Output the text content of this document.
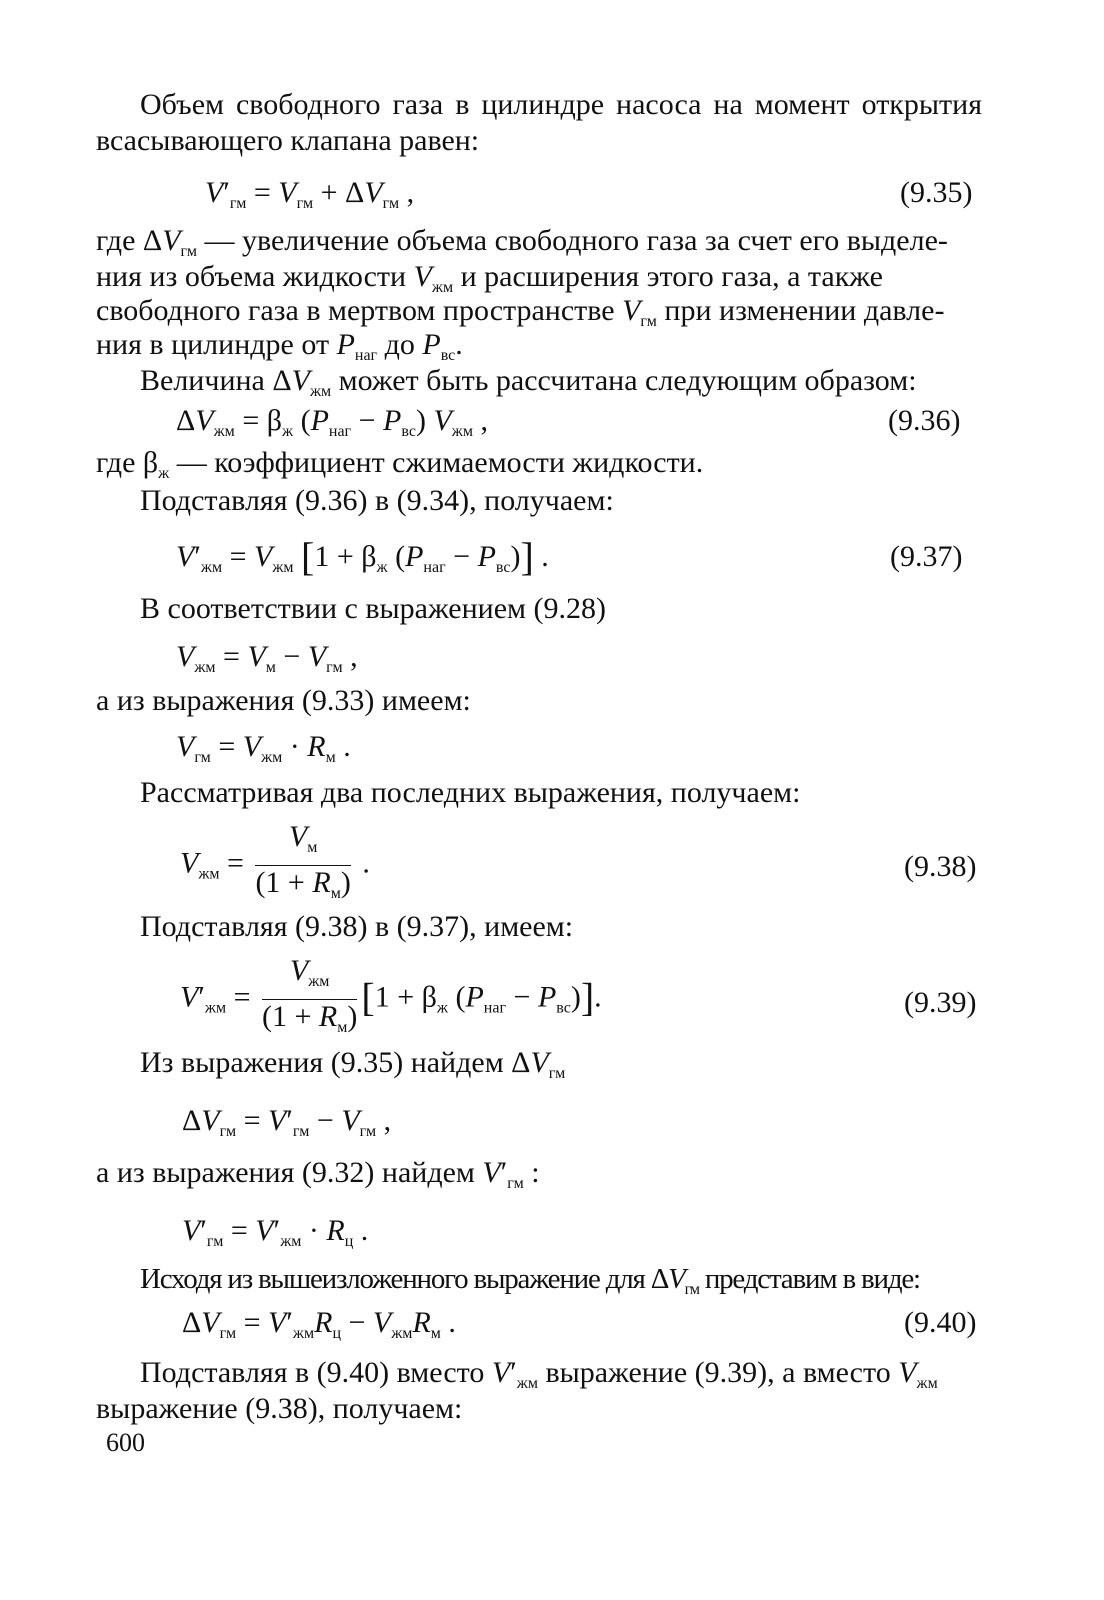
Объем свободного газа в цилиндре насоса на момент открытия
всасывающего клапана равен:
$V'_{гм} = V_{гм} + \Delta V_{гм}$ ,	(9.35)
где $\Delta V_{гм}$ — увеличение объема свободного газа за счет его выделе-
ния из объема жидкости $V_{жм}$ и расширения этого газа, а также
свободного газа в мертвом пространстве $V_{гм}$ при изменении давле-
ния в цилиндре от $P_{наг}$ до $P_{вс}$.
Величина $\Delta V_{жм}$ может быть рассчитана следующим образом:
$\Delta V_{жм} = \beta_ж$ $(P_{наг} - P_{вс})$ $V_{жм}$ ,	(9.36)
где $\beta_ж$ — коэффициент сжимаемости жидкости.
Подставляя (9.36) в (9.34), получаем:
$V'_{жм} = V_{жм}$ [$1 + \beta_ж$ $(P_{наг} - P_{вс})$] .	(9.37)
В соответствии с выражением (9.28)
$V_{жм} = V_м - V_{гм}$ ,
а из выражения (9.33) имеем:
$V_{гм} = V_{жм} \cdot R_м$ .
Рассматривая два последних выражения, получаем:
$V_{жм} = \frac{V_м}{(1 + R_м)}$ .	(9.38)
Подставляя (9.38) в (9.37), имеем:
$V'_{жм} = \frac{V_{жм}}{(1 + R_м)} [1 + \beta_ж$ $(P_{наг} - P_{вс})$].	(9.39)
Из выражения (9.35) найдем $\Delta V_{гм}$
$\Delta V_{гм} = V'_{гм} - V_{гм}$ ,
а из выражения (9.32) найдем $V'_{гм}$ :
$V'_{гм} = V'_{жм} \cdot R_ц$ .
Исходя из вышеизложенного выражение для $\Delta V_{гм}$ представим в виде:
$\Delta V_{гм} = V'_{жм}R_ц - V_{жм}R_м$ .	(9.40)
Подставляя в (9.40) вместо $V'_{жм}$ выражение (9.39), а вместо $V_{жм}$
выражение (9.38), получаем:
600
